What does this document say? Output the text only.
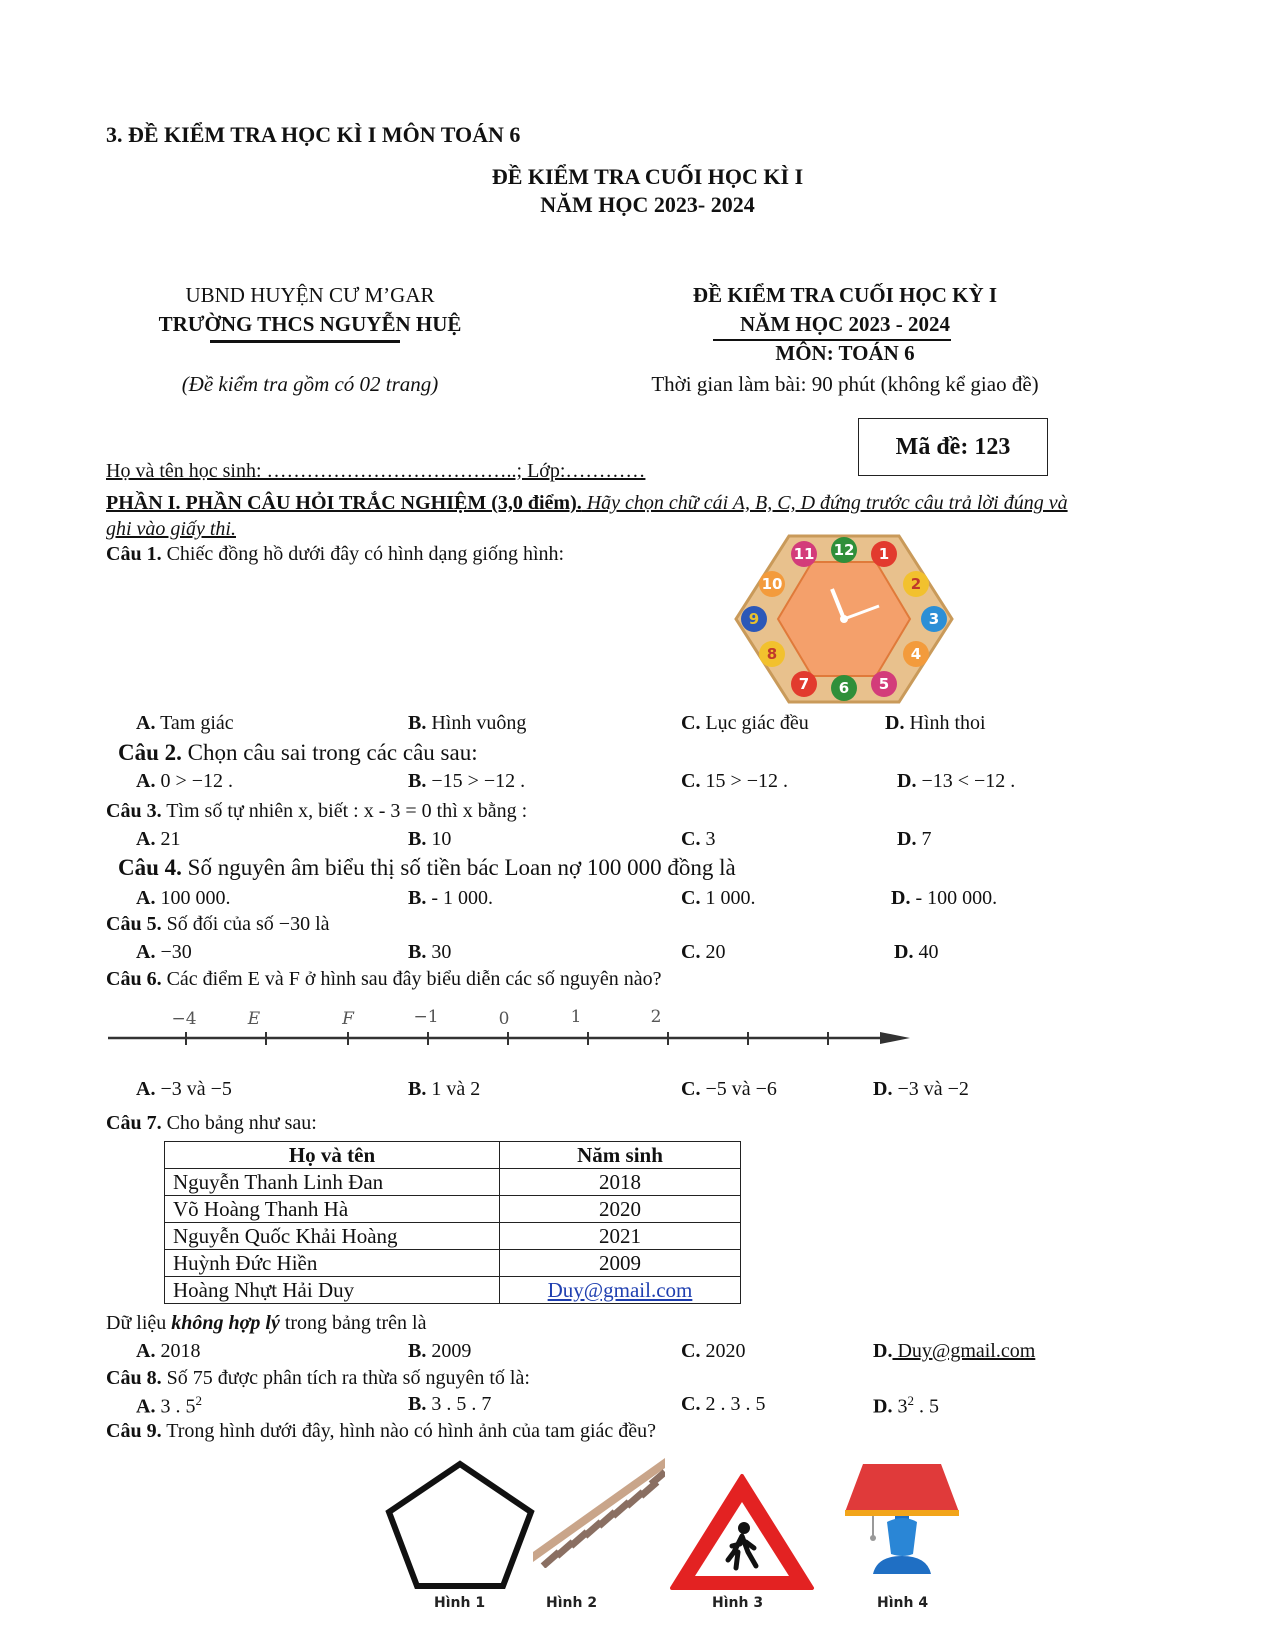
3. ĐỀ KIỂM TRA HỌC KÌ I MÔN TOÁN 6
ĐỀ KIỂM TRA CUỐI HỌC KÌ I
NĂM HỌC 2023- 2024
UBND HUYỆN CƯ M’GAR
TRƯỜNG THCS NGUYỄN HUỆ
(Đề kiểm tra gồm có 02 trang)
ĐỀ KIỂM TRA CUỐI HỌC KỲ I
NĂM HỌC 2023 - 2024
MÔN: TOÁN 6
Thời gian làm bài: 90 phút (không kể giao đề)
Mã đề: 123
Họ và tên học sinh: ………………………………..; Lớp:…………
PHẦN I. PHẦN CÂU HỎI TRẮC NGHIỆM (3,0 điểm). Hãy chọn chữ cái A, B, C, D đứng trước câu trả lời đúng và
ghi vào giấy thi.
Câu 1. Chiếc đồng hồ dưới đây có hình dạng giống hình:	11 12 1
10	2
9	3
8	4
7 6 5
A. Tam giác	B. Hình vuông	C. Lục giác đều	D. Hình thoi
Câu 2. Chọn câu sai trong các câu sau:
A. 0 > −12 .	B. −15 > −12 .	C. 15 > −12 .	D. −13 < −12 .
Câu 3. Tìm số tự nhiên x, biết : x - 3 = 0 thì x bằng :
A. 21	B. 10	C. 3	D. 7
Câu 4. Số nguyên âm biểu thị số tiền bác Loan nợ 100 000 đồng là
A. 100 000.	B. - 1 000.	C. 1 000.	D. - 100 000.
Câu 5. Số đối của số −30 là
A. −30	B. 30	C. 20	D. 40
Câu 6. Các điểm E và F ở hình sau đây biểu diễn các số nguyên nào?
−4	E	F	−1	0	1	2
A. −3 và −5	B. 1 và 2	C. −5 và −6	D. −3 và −2
Câu 7. Cho bảng như sau:
Họ và tên	Năm sinh
Nguyễn Thanh Linh Đan	2018
Võ Hoàng Thanh Hà	2020
Nguyễn Quốc Khải Hoàng	2021
Huỳnh Đức Hiền	2009
Hoàng Nhựt Hải Duy	Duy@gmail.com
Dữ liệu không hợp lý trong bảng trên là
A. 2018	B. 2009	C. 2020	D. Duy@gmail.com
Câu 8. Số 75 được phân tích ra thừa số nguyên tố là:
A. 3 . $5^2$	B. 3 . 5 . 7	C. 2 . 3 . 5	D. $3^2$ . 5
Câu 9. Trong hình dưới đây, hình nào có hình ảnh của tam giác đều?
Hình 1	Hình 2	Hình 3	Hình 4
